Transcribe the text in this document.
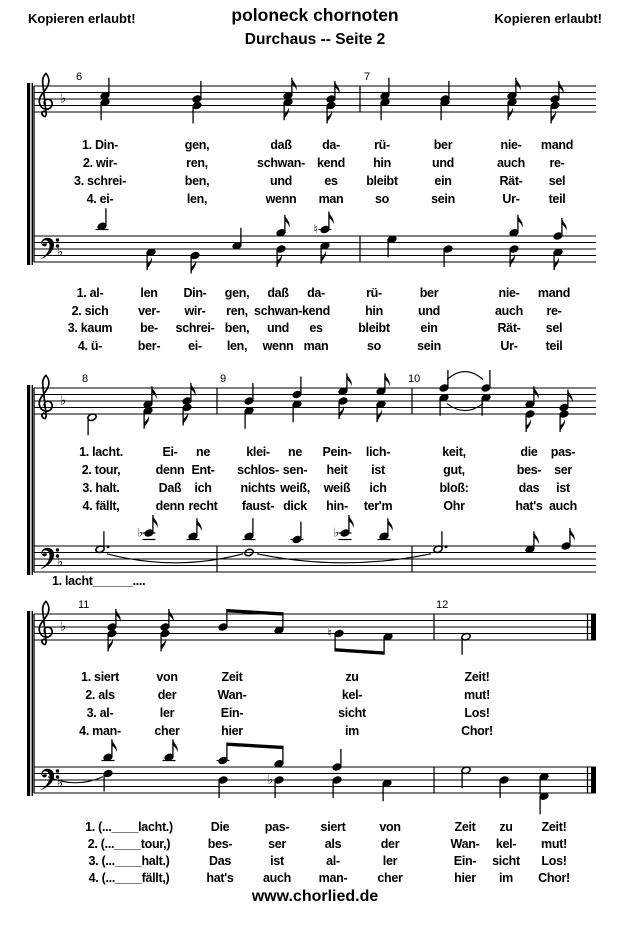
Kopieren erlaubt!	poloneck chornoten	Kopieren erlaubt!
Durchaus -- Seite 2
♭
6	7
♭
♮
♭
8	9	10
♭
♭	♭
♭
11	12
♮
♭	♭
1. Din-	gen,	daß da-	rü-	ber	nie- mand
2. wir-	ren,	schwan- kend hin	und	auch re-
3. schrei-	ben,	und	es bleibt	ein	Rät- sel
4. ei-	len,	wenn man	so	sein	Ur- teil
1. al-	len Din- gen, daß da-	rü-	ber	nie- mand
2. sich ver- wir- ren, schwan- kend	hin	und	auch re-
3. kaum be- schrei- ben, und es	bleibt ein	Rät- sel
4. ü-	ber- ei- len, wenn man	so	sein	Ur- teil
1. lacht.	Ei- ne	klei- ne Pein- lich-	keit,	die pas-
2. tour,	denn Ent- schlos- sen- heit ist	gut,	bes- ser
3. halt.	Daß ich nichts weiß, weiß ich	bloß:	das ist
4. fällt,	denn recht faust- dick hin- ter'm	Ohr	hat's auch
1. lacht______....
1. siert	von	Zeit	zu	Zeit!
2. als	der	Wan-	kel-	mut!
3. al-	ler	Ein-	sicht	Los!
4. man-	cher	hier	im	Chor!
1. (...____lacht.)	Die	pas-	siert	von	Zeit zu Zeit!
2. (...____tour,)	bes-	ser	als	der	Wan- kel- mut!
3. (...____halt.)	Das	ist	al-	ler	Ein- sicht Los!
4. (...____fällt,)	hat's auch man- cher	hier im Chor!
www.chorlied.de
